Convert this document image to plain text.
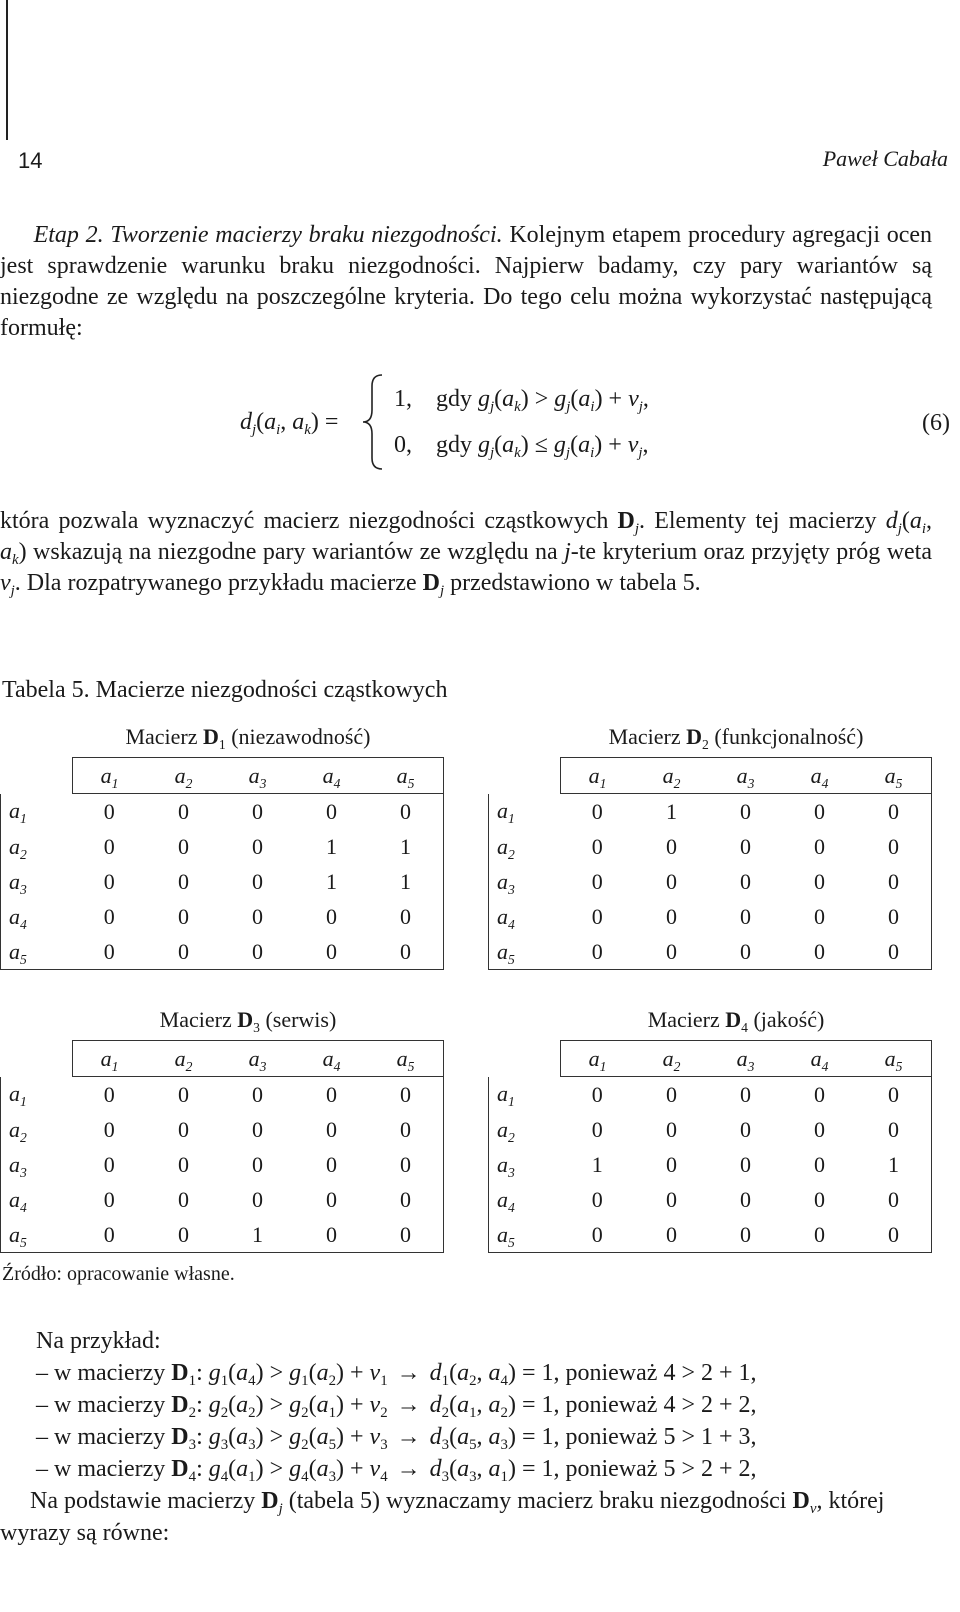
14	Paweł Cabała

Etap 2. Tworzenie macierzy braku niezgodności. Kolejnym etapem procedury agregacji ocen jest sprawdzenie warunku braku niezgodności. Najpierw badamy, czy pary wariantów są niezgodne ze względu na poszczególne kryteria. Do tego celu można wykorzystać następującą formułę:

$d_j(a_i$, $a_k$) =
1, gdy $g_j(a_k) > g_j(a_i) + v_j$,
0, gdy $g_j(a_k) \le g_j(a_i) + v_j$,
(6)

która pozwala wyznaczyć macierz niezgodności cząstkowych $D_j$. Elementy tej macierzy $d_j(a_i$, $a_k$) wskazują na niezgodne pary wariantów ze względu na j-te kryterium oraz przyjęty próg weta $v_j$. Dla rozpatrywanego przykładu macierze $D_j$ przedstawiono w tabela 5.

Tabela 5. Macierze niezgodności cząstkowych
Macierz $D_1$ (niezawodność)
	$a_1$	$a_2$	$a_3$	$a_4$	$a_5$
$a_1$	0	0	0	0	0
$a_2$	0	0	0	1	1
$a_3$	0	0	0	1	1
$a_4$	0	0	0	0	0
$a_5$	0	0	0	0	0
Macierz $D_2$ (funkcjonalność)
	$a_1$	$a_2$	$a_3$	$a_4$	$a_5$
$a_1$	0	1	0	0	0
$a_2$	0	0	0	0	0
$a_3$	0	0	0	0	0
$a_4$	0	0	0	0	0
$a_5$	0	0	0	0	0
Macierz $D_3$ (serwis)
	$a_1$	$a_2$	$a_3$	$a_4$	$a_5$
$a_1$	0	0	0	0	0
$a_2$	0	0	0	0	0
$a_3$	0	0	0	0	0
$a_4$	0	0	0	0	0
$a_5$	0	0	1	0	0
Macierz $D_4$ (jakość)
	$a_1$	$a_2$	$a_3$	$a_4$	$a_5$
$a_1$	0	0	0	0	0
$a_2$	0	0	0	0	0
$a_3$	1	0	0	0	1
$a_4$	0	0	0	0	0
$a_5$	0	0	0	0	0
Źródło: opracowanie własne.
Na przykład:
– w macierzy $D_1$: $g_1(a_4) > g_1(a_2) + v_1 \to d_1(a_2$, $a_4) = 1$, ponieważ 4 > 2 + 1,
– w macierzy $D_2$: $g_2(a_2) > g_2(a_1) + v_2 \to d_2(a_1$, $a_2) = 1$, ponieważ 4 > 2 + 2,
– w macierzy $D_3$: $g_3(a_3) > g_2(a_5) + v_3 \to d_3(a_5$, $a_3) = 1$, ponieważ 5 > 1 + 3,
– w macierzy $D_4$: $g_4(a_1) > g_4(a_3) + v_4 \to d_3(a_3$, $a_1) = 1$, ponieważ 5 > 2 + 2,
Na podstawie macierzy $D_j$ (tabela 5) wyznaczamy macierz braku niezgodności $D_v$, której wyrazy są równe:
